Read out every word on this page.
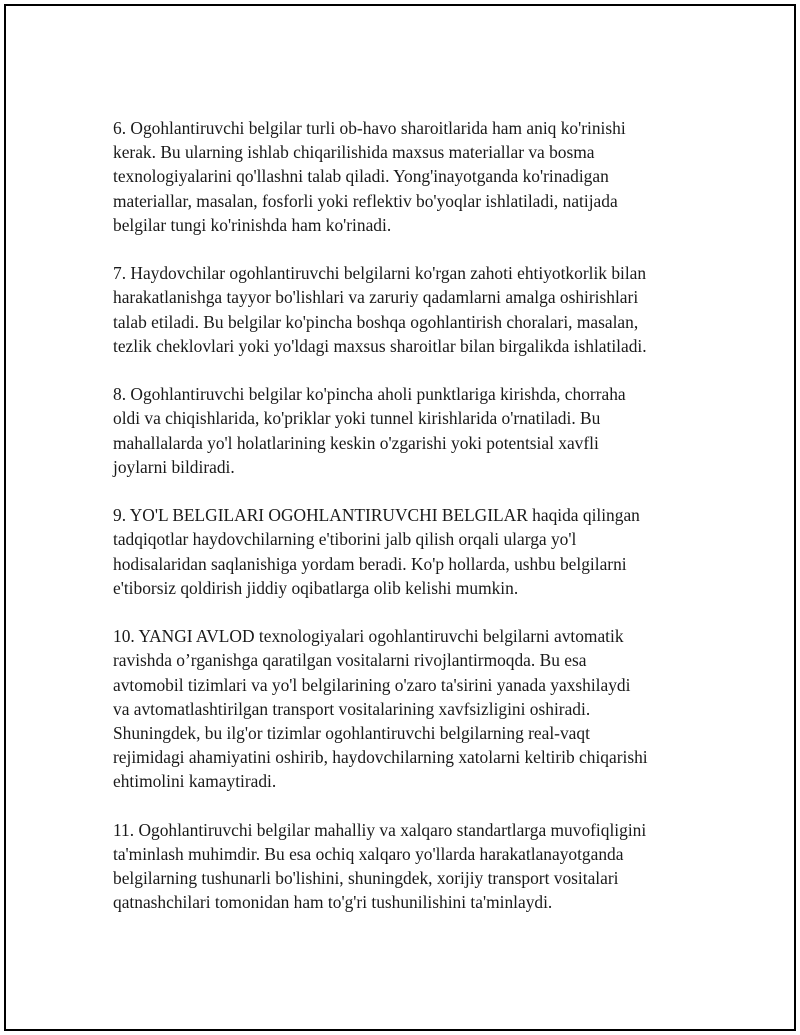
6. Ogohlantiruvchi belgilar turli ob-havo sharoitlarida ham aniq ko'rinishi
kerak. Bu ularning ishlab chiqarilishida maxsus materiallar va bosma
texnologiyalarini qo'llashni talab qiladi. Yong'inayotganda ko'rinadigan
materiallar, masalan, fosforli yoki reflektiv bo'yoqlar ishlatiladi, natijada
belgilar tungi ko'rinishda ham ko'rinadi.

7. Haydovchilar ogohlantiruvchi belgilarni ko'rgan zahoti ehtiyotkorlik bilan
harakatlanishga tayyor bo'lishlari va zaruriy qadamlarni amalga oshirishlari
talab etiladi. Bu belgilar ko'pincha boshqa ogohlantirish choralari, masalan,
tezlik cheklovlari yoki yo'ldagi maxsus sharoitlar bilan birgalikda ishlatiladi.

8. Ogohlantiruvchi belgilar ko'pincha aholi punktlariga kirishda, chorraha
oldi va chiqishlarida, ko'priklar yoki tunnel kirishlarida o'rnatiladi. Bu
mahallalarda yo'l holatlarining keskin o'zgarishi yoki potentsial xavfli
joylarni bildiradi.

9. YO'L BELGILARI OGOHLANTIRUVCHI BELGILAR haqida qilingan
tadqiqotlar haydovchilarning e'tiborini jalb qilish orqali ularga yo'l
hodisalaridan saqlanishiga yordam beradi. Ko'p hollarda, ushbu belgilarni
e'tiborsiz qoldirish jiddiy oqibatlarga olib kelishi mumkin.

10. YANGI AVLOD texnologiyalari ogohlantiruvchi belgilarni avtomatik
ravishda o’rganishga qaratilgan vositalarni rivojlantirmoqda. Bu esa
avtomobil tizimlari va yo'l belgilarining o'zaro ta'sirini yanada yaxshilaydi
va avtomatlashtirilgan transport vositalarining xavfsizligini oshiradi.
Shuningdek, bu ilg'or tizimlar ogohlantiruvchi belgilarning real-vaqt
rejimidagi ahamiyatini oshirib, haydovchilarning xatolarni keltirib chiqarishi
ehtimolini kamaytiradi.

11. Ogohlantiruvchi belgilar mahalliy va xalqaro standartlarga muvofiqligini
ta'minlash muhimdir. Bu esa ochiq xalqaro yo'llarda harakatlanayotganda
belgilarning tushunarli bo'lishini, shuningdek, xorijiy transport vositalari
qatnashchilari tomonidan ham to'g'ri tushunilishini ta'minlaydi.
